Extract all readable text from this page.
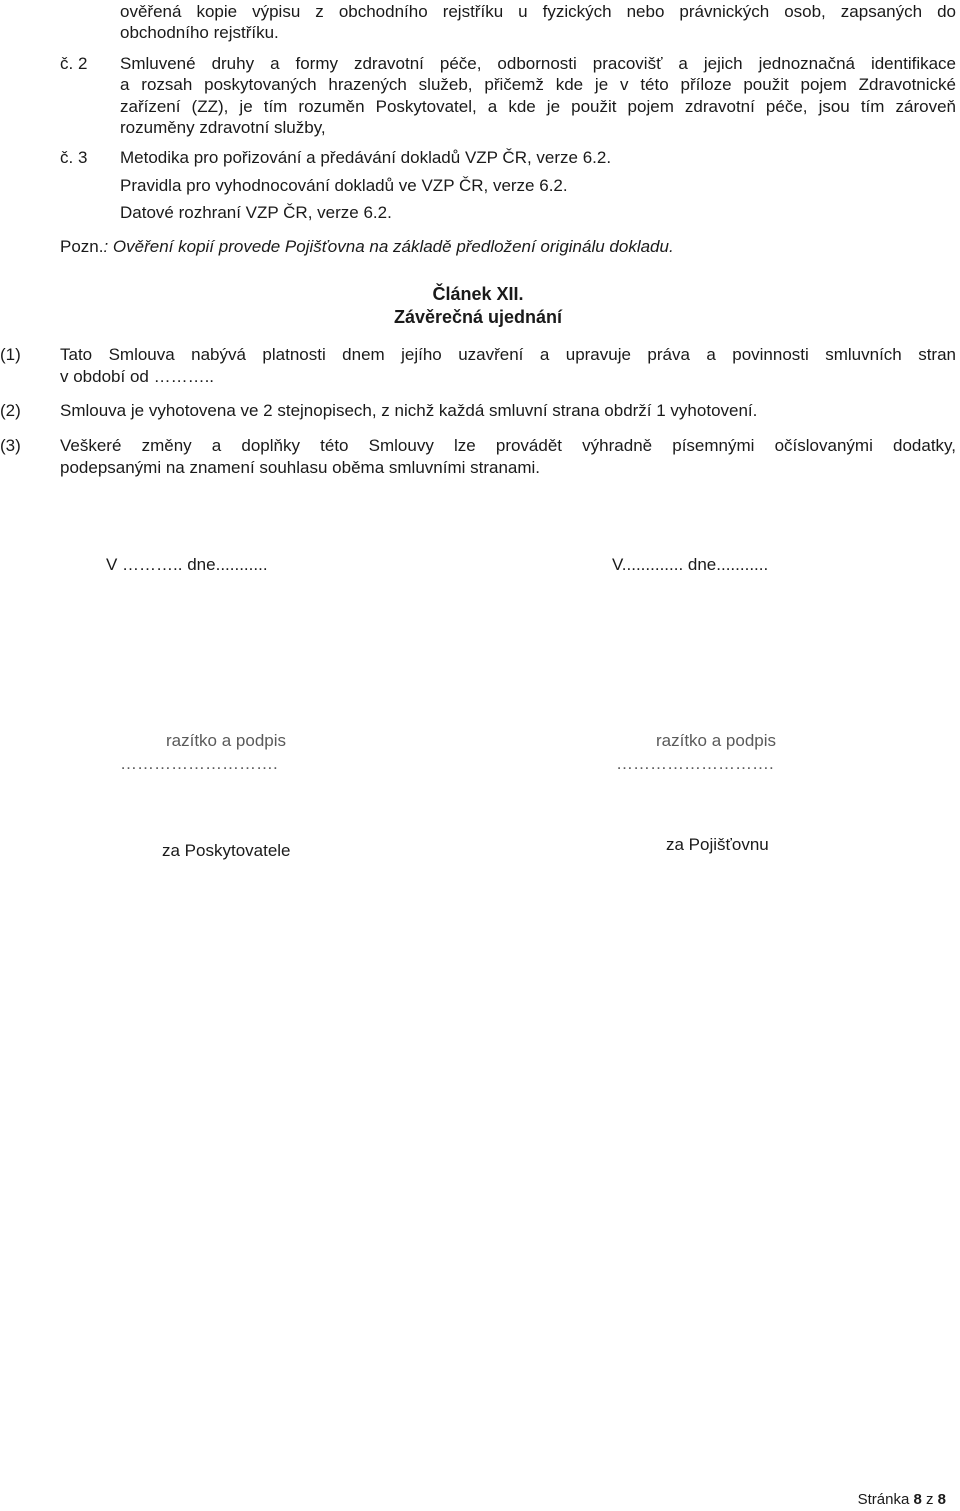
ověřená kopie výpisu z obchodního rejstříku u fyzických nebo právnických osob, zapsaných do
obchodního rejstříku.
č. 2	Smluvené druhy a formy zdravotní péče, odbornosti pracovišť a jejich jednoznačná identifikace
a rozsah poskytovaných hrazených služeb, přičemž kde je v této příloze použit pojem Zdravotnické
zařízení (ZZ), je tím rozuměn Poskytovatel, a kde je použit pojem zdravotní péče, jsou tím zároveň
rozuměny zdravotní služby,
č. 3	Metodika pro pořizování a předávání dokladů VZP ČR, verze 6.2.
Pravidla pro vyhodnocování dokladů ve VZP ČR, verze 6.2.
Datové rozhraní VZP ČR, verze 6.2.
Pozn.: Ověření kopií provede Pojišťovna na základě předložení originálu dokladu.
Článek XII.
Závěrečná ujednání
(1) Tato Smlouva nabývá platnosti dnem jejího uzavření a upravuje práva a povinnosti smluvních stran
v období od ………..
(2) Smlouva je vyhotovena ve 2 stejnopisech, z nichž každá smluvní strana obdrží 1 vyhotovení.
(3) Veškeré změny a doplňky této Smlouvy lze provádět výhradně písemnými očíslovanými dodatky,
podepsanými na znamení souhlasu oběma smluvními stranami.
V ……….. dne...........	V............. dne...........
razítko a podpis	razítko a podpis
……………………….	……………………….
za Poskytovatele	za Pojišťovnu
Stránka 8 z 8
